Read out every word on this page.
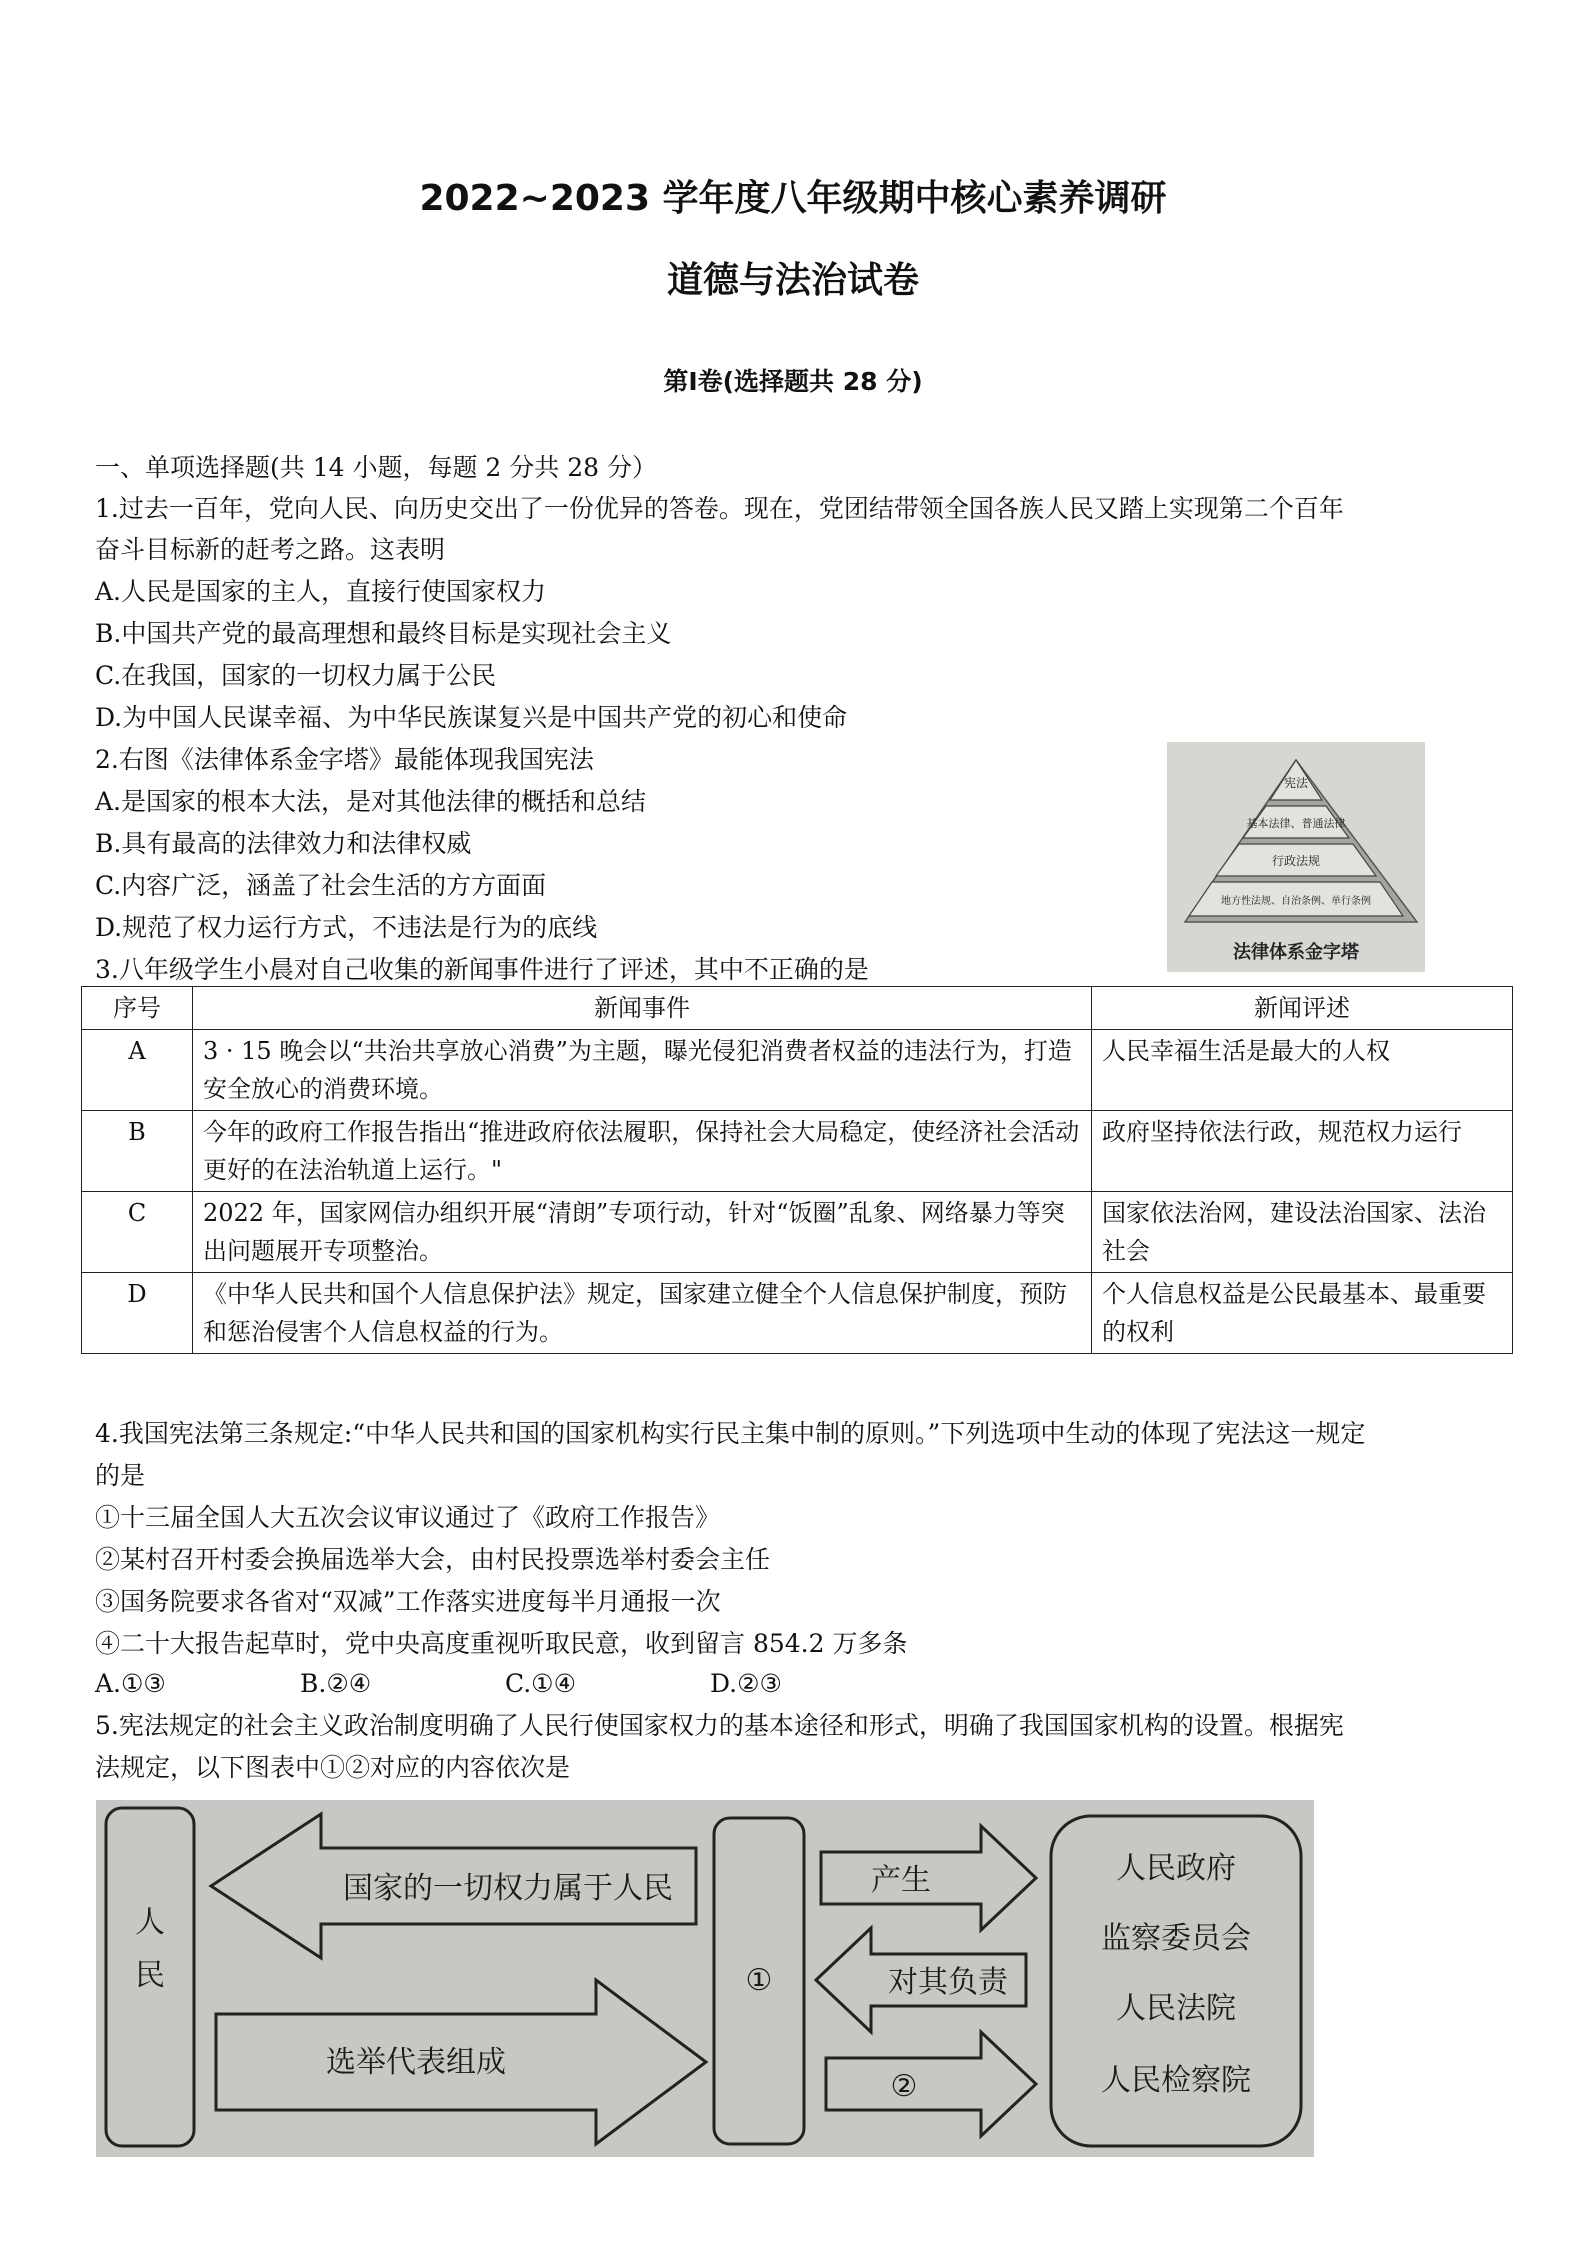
2022~2023 学年度八年级期中核心素养调研
道德与法治试卷
第Ⅰ卷(选择题共 28 分)
一、单项选择题(共 14 小题，每题 2 分共 28 分）
1.过去一百年，党向人民、向历史交出了一份优异的答卷。现在，党团结带领全国各族人民又踏上实现第二个百年
奋斗目标新的赶考之路。这表明
A.人民是国家的主人，直接行使国家权力
B.中国共产党的最高理想和最终目标是实现社会主义
C.在我国，国家的一切权力属于公民
D.为中国人民谋幸福、为中华民族谋复兴是中国共产党的初心和使命
2.右图《法律体系金字塔》最能体现我国宪法
A.是国家的根本大法，是对其他法律的概括和总结
B.具有最高的法律效力和法律权威
C.内容广泛，涵盖了社会生活的方方面面
D.规范了权力运行方式，不违法是行为的底线
宪法
基本法律、普通法律
行政法规
地方性法规、自治条例、单行条例
法律体系金字塔
3.八年级学生小晨对自己收集的新闻事件进行了评述，其中不正确的是
序号	新闻事件	新闻评述
A	3 · 15 晚会以“共治共享放心消费”为主题，曝光侵犯消费者权益的违法行为，打造安全放心的消费环境。	人民幸福生活是最大的人权
B	今年的政府工作报告指出“推进政府依法履职，保持社会大局稳定，使经济社会活动更好的在法治轨道上运行。"	政府坚持依法行政，规范权力运行
C	2022 年，国家网信办组织开展“清朗”专项行动，针对“饭圈”乱象、网络暴力等突出问题展开专项整治。	国家依法治网，建设法治国家、法治社会
D	《中华人民共和国个人信息保护法》规定，国家建立健全个人信息保护制度，预防和惩治侵害个人信息权益的行为。	个人信息权益是公民最基本、最重要的权利
4.我国宪法第三条规定:“中华人民共和国的国家机构实行民主集中制的原则。”下列选项中生动的体现了宪法这一规定
的是
①十三届全国人大五次会议审议通过了《政府工作报告》
②某村召开村委会换届选举大会，由村民投票选举村委会主任
③国务院要求各省对“双减”工作落实进度每半月通报一次
④二十大报告起草时，党中央高度重视听取民意，收到留言 854.2 万多条
A.①③	B.②④	C.①④	D.②③
5.宪法规定的社会主义政治制度明确了人民行使国家权力的基本途径和形式，明确了我国国家机构的设置。根据宪
法规定，以下图表中①②对应的内容依次是
人
民
国家的一切权力属于人民
选举代表组成
①
产生
对其负责
②
人民政府
监察委员会
人民法院
人民检察院
